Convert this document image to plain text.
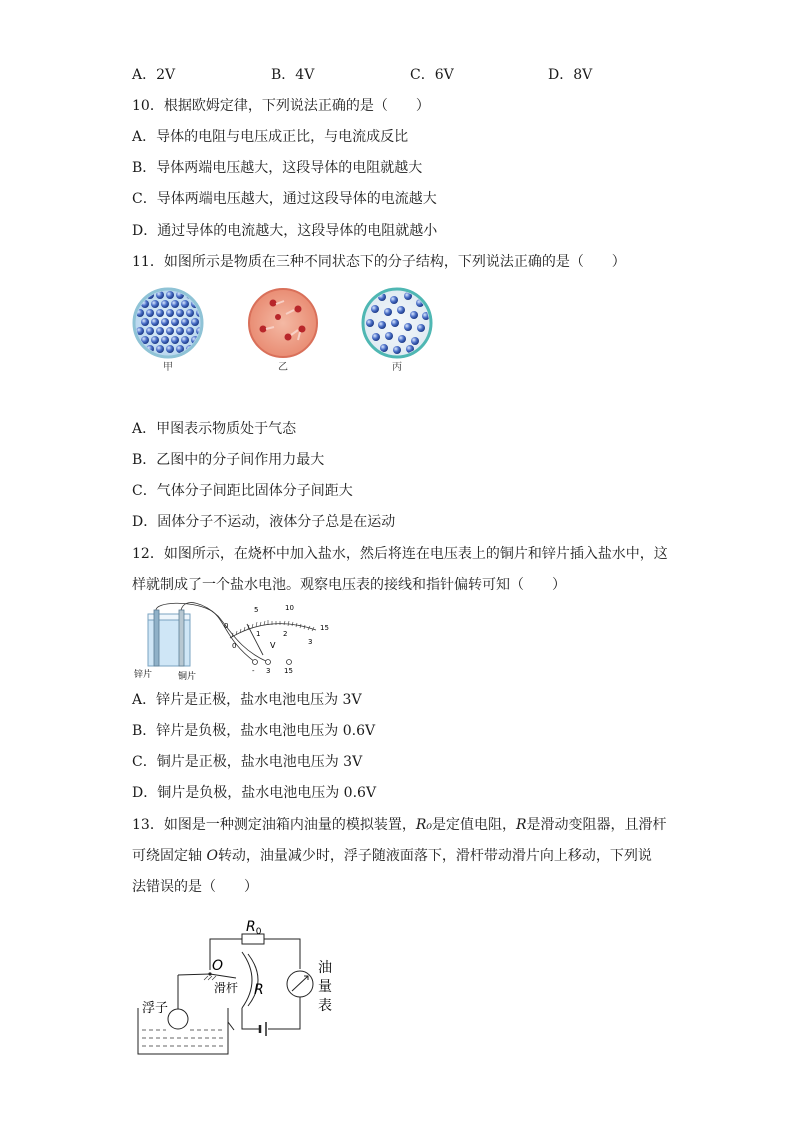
A．2V	B．4V	C．6V	D．8V
10．根据欧姆定律，下列说法正确的是（　　）
A．导体的电阻与电压成正比，与电流成反比
B．导体两端电压越大，这段导体的电阻就越大
C．导体两端电压越大，通过这段导体的电流越大
D．通过导体的电流越大，这段导体的电阻就越小
11．如图所示是物质在三种不同状态下的分子结构，下列说法正确的是（　　）
甲	乙	丙
A．甲图表示物质处于气态
B．乙图中的分子间作用力最大
C．气体分子间距比固体分子间距大
D．固体分子不运动，液体分子总是在运动
12．如图所示，在烧杯中加入盐水，然后将连在电压表上的铜片和锌片插入盐水中，这
样就制成了一个盐水电池。观察电压表的接线和指针偏转可知（　　）
0
5	10
15
0
1	2
3
V
- 3 15
锌片	铜片
A．锌片是正极，盐水电池电压为 3V
B．锌片是负极，盐水电池电压为 0.6V
C．铜片是正极，盐水电池电压为 3V
D．铜片是负极，盐水电池电压为 0.6V
13．如图是一种测定油箱内油量的模拟装置，R₀是定值电阻，R是滑动变阻器，且滑杆
可绕固定轴 O转动，油量减少时，浮子随液面落下，滑杆带动滑片向上移动，下列说
法错误的是（　　）
$R_0$
O
滑杆 R
浮子
油
量
表
